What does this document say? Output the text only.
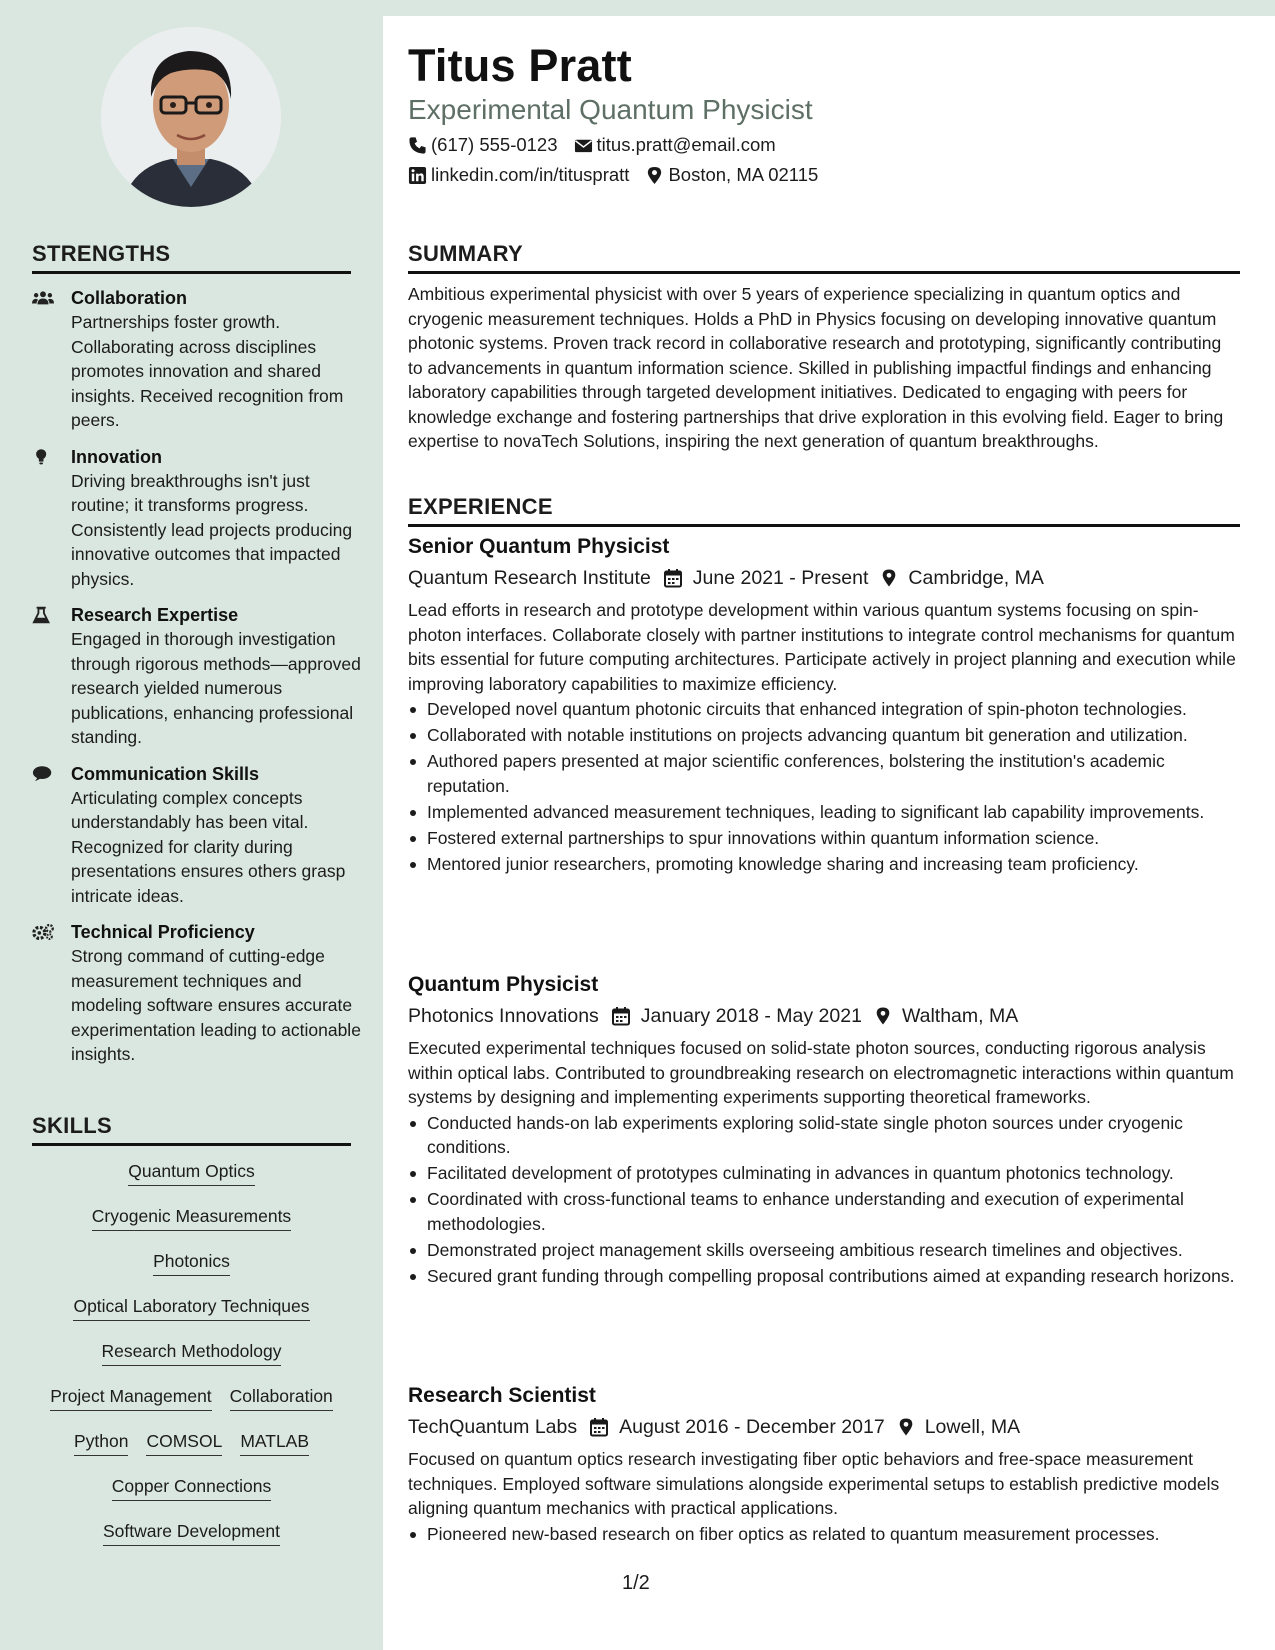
STRENGTHS
Collaboration
Partnerships foster growth. Collaborating across disciplines promotes innovation and shared insights. Received recognition from peers.
Innovation
Driving breakthroughs isn't just routine; it transforms progress. Consistently lead projects producing innovative outcomes that impacted physics.
Research Expertise
Engaged in thorough investigation through rigorous methods—approved research yielded numerous publications, enhancing professional standing.
Communication Skills
Articulating complex concepts understandably has been vital. Recognized for clarity during presentations ensures others grasp intricate ideas.
Technical Proficiency
Strong command of cutting-edge measurement techniques and modeling software ensures accurate experimentation leading to actionable insights.
SKILLS
Quantum Optics
Cryogenic Measurements
Photonics
Optical Laboratory Techniques
Research Methodology
Project Management Collaboration
Python COMSOL MATLAB
Copper Connections
Software Development
Titus Pratt
Experimental Quantum Physicist
(617) 555-0123 titus.pratt@email.com
linkedin.com/in/tituspratt Boston, MA 02115
SUMMARY
Ambitious experimental physicist with over 5 years of experience specializing in quantum optics and cryogenic measurement techniques. Holds a PhD in Physics focusing on developing innovative quantum photonic systems. Proven track record in collaborative research and prototyping, significantly contributing to advancements in quantum information science. Skilled in publishing impactful findings and enhancing laboratory capabilities through targeted development initiatives. Dedicated to engaging with peers for knowledge exchange and fostering partnerships that drive exploration in this evolving field. Eager to bring expertise to novaTech Solutions, inspiring the next generation of quantum breakthroughs.
EXPERIENCE
Senior Quantum Physicist
Quantum Research Institute June 2021 - Present Cambridge, MA
Lead efforts in research and prototype development within various quantum systems focusing on spin-photon interfaces. Collaborate closely with partner institutions to integrate control mechanisms for quantum bits essential for future computing architectures. Participate actively in project planning and execution while improving laboratory capabilities to maximize efficiency.
Developed novel quantum photonic circuits that enhanced integration of spin-photon technologies.
Collaborated with notable institutions on projects advancing quantum bit generation and utilization.
Authored papers presented at major scientific conferences, bolstering the institution's academic reputation.
Implemented advanced measurement techniques, leading to significant lab capability improvements.
Fostered external partnerships to spur innovations within quantum information science.
Mentored junior researchers, promoting knowledge sharing and increasing team proficiency.
Quantum Physicist
Photonics Innovations January 2018 - May 2021 Waltham, MA
Executed experimental techniques focused on solid-state photon sources, conducting rigorous analysis within optical labs. Contributed to groundbreaking research on electromagnetic interactions within quantum systems by designing and implementing experiments supporting theoretical frameworks.
Conducted hands-on lab experiments exploring solid-state single photon sources under cryogenic conditions.
Facilitated development of prototypes culminating in advances in quantum photonics technology.
Coordinated with cross-functional teams to enhance understanding and execution of experimental methodologies.
Demonstrated project management skills overseeing ambitious research timelines and objectives.
Secured grant funding through compelling proposal contributions aimed at expanding research horizons.
Research Scientist
TechQuantum Labs August 2016 - December 2017 Lowell, MA
Focused on quantum optics research investigating fiber optic behaviors and free-space measurement techniques. Employed software simulations alongside experimental setups to establish predictive models aligning quantum mechanics with practical applications.
Pioneered new-based research on fiber optics as related to quantum measurement processes.
1/2
